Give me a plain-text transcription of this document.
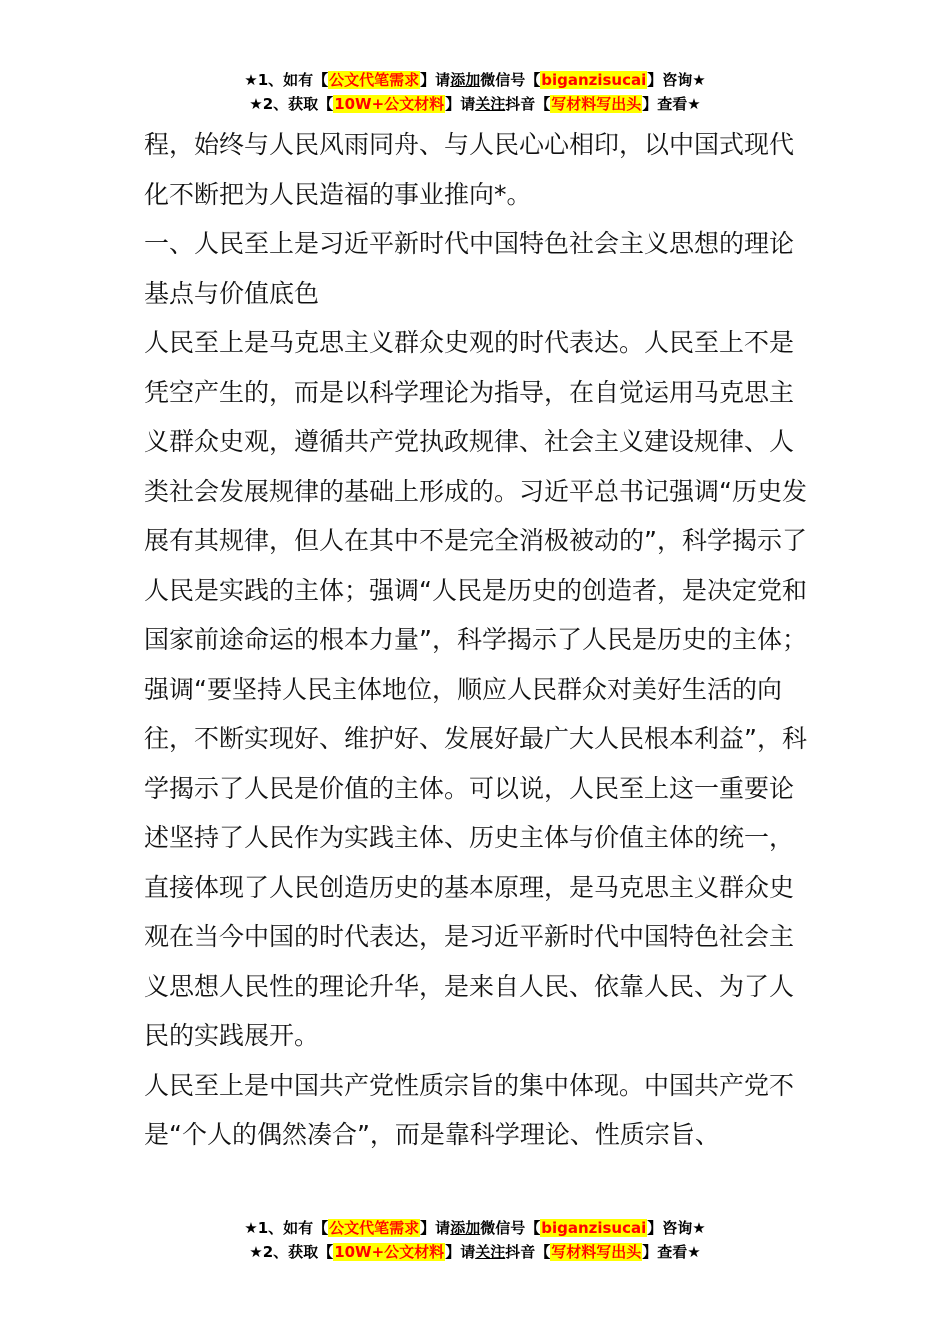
★1、如有【公文代笔需求】请添加微信号【biganzisucai】咨询★
★2、获取【10W+公文材料】请关注抖音【写材料写出头】查看★

程，始终与人民风雨同舟、与人民心心相印，以中国式现代化不断把为人民造福的事业推向*。

一、人民至上是习近平新时代中国特色社会主义思想的理论基点与价值底色

人民至上是马克思主义群众史观的时代表达。人民至上不是凭空产生的，而是以科学理论为指导，在自觉运用马克思主义群众史观，遵循共产党执政规律、社会主义建设规律、人类社会发展规律的基础上形成的。习近平总书记强调“历史发展有其规律，但人在其中不是完全消极被动的”，科学揭示了人民是实践的主体；强调“人民是历史的创造者，是决定党和国家前途命运的根本力量”，科学揭示了人民是历史的主体；强调“要坚持人民主体地位，顺应人民群众对美好生活的向往，不断实现好、维护好、发展好最广大人民根本利益”，科学揭示了人民是价值的主体。可以说，人民至上这一重要论述坚持了人民作为实践主体、历史主体与价值主体的统一，直接体现了人民创造历史的基本原理，是马克思主义群众史观在当今中国的时代表达，是习近平新时代中国特色社会主义思想人民性的理论升华，是来自人民、依靠人民、为了人民的实践展开。

人民至上是中国共产党性质宗旨的集中体现。中国共产党不是“个人的偶然凑合”，而是靠科学理论、性质宗旨、

★1、如有【公文代笔需求】请添加微信号【biganzisucai】咨询★
★2、获取【10W+公文材料】请关注抖音【写材料写出头】查看★
